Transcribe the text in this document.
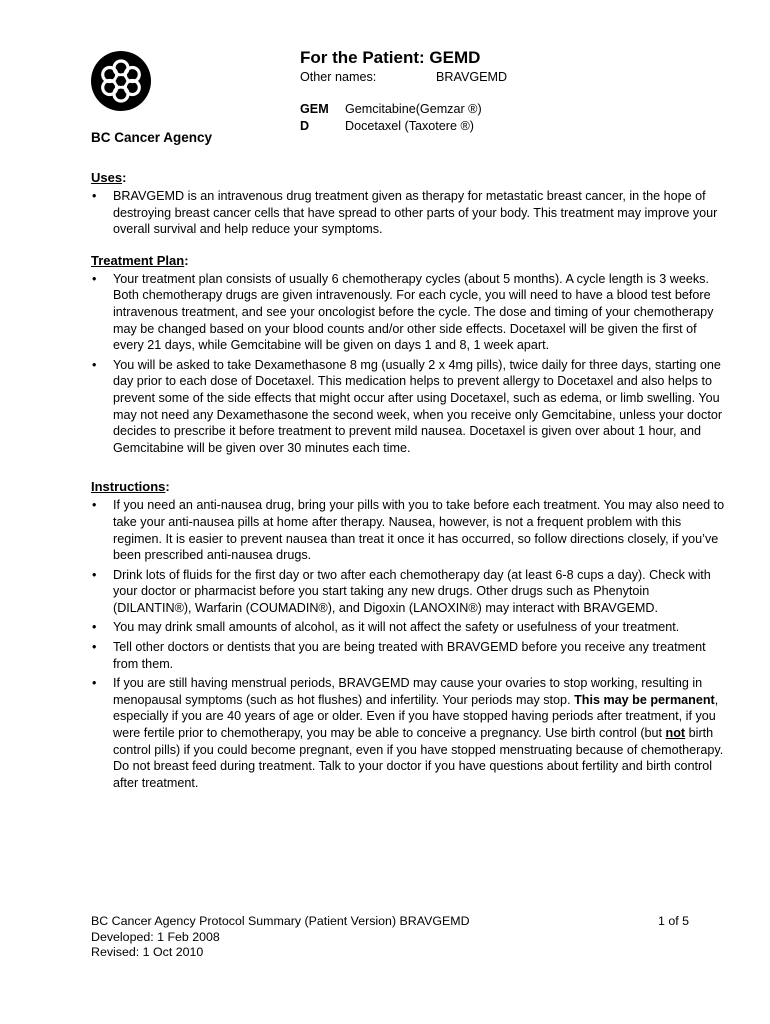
BC Cancer Agency
For the Patient: GEMD
Other names:	BRAVGEMD
GEM Gemcitabine(Gemzar ®)
D	Docetaxel (Taxotere ®)
Uses:
• BRAVGEMD is an intravenous drug treatment given as therapy for metastatic breast cancer, in the hope of destroying breast cancer cells that have spread to other parts of your body. This treatment may improve your overall survival and help reduce your symptoms.
Treatment Plan:
• Your treatment plan consists of usually 6 chemotherapy cycles (about 5 months). A cycle length is 3 weeks. Both chemotherapy drugs are given intravenously. For each cycle, you will need to have a blood test before intravenous treatment, and see your oncologist before the cycle. The dose and timing of your chemotherapy may be changed based on your blood counts and/or other side effects. Docetaxel will be given the first of every 21 days, while Gemcitabine will be given on days 1 and 8, 1 week apart.
• You will be asked to take Dexamethasone 8 mg (usually 2 x 4mg pills), twice daily for three days, starting one day prior to each dose of Docetaxel. This medication helps to prevent allergy to Docetaxel and also helps to prevent some of the side effects that might occur after using Docetaxel, such as edema, or limb swelling. You may not need any Dexamethasone the second week, when you receive only Gemcitabine, unless your doctor decides to prescribe it before treatment to prevent mild nausea. Docetaxel is given over about 1 hour, and Gemcitabine will be given over 30 minutes each time.
Instructions:
• If you need an anti-nausea drug, bring your pills with you to take before each treatment. You may also need to take your anti-nausea pills at home after therapy. Nausea, however, is not a frequent problem with this regimen. It is easier to prevent nausea than treat it once it has occurred, so follow directions closely, if you’ve been prescribed anti-nausea drugs.
• Drink lots of fluids for the first day or two after each chemotherapy day (at least 6-8 cups a day). Check with your doctor or pharmacist before you start taking any new drugs. Other drugs such as Phenytoin (DILANTIN®), Warfarin (COUMADIN®), and Digoxin (LANOXIN®) may interact with BRAVGEMD.
• You may drink small amounts of alcohol, as it will not affect the safety or usefulness of your treatment.
• Tell other doctors or dentists that you are being treated with BRAVGEMD before you receive any treatment from them.
• If you are still having menstrual periods, BRAVGEMD may cause your ovaries to stop working, resulting in menopausal symptoms (such as hot flushes) and infertility. Your periods may stop. This may be permanent, especially if you are 40 years of age or older. Even if you have stopped having periods after treatment, if you were fertile prior to chemotherapy, you may be able to conceive a pregnancy. Use birth control (but not birth control pills) if you could become pregnant, even if you have stopped menstruating because of chemotherapy. Do not breast feed during treatment. Talk to your doctor if you have questions about fertility and birth control after treatment.
BC Cancer Agency Protocol Summary (Patient Version) BRAVGEMD
Developed: 1 Feb 2008
Revised: 1 Oct 2010
1 of 5
